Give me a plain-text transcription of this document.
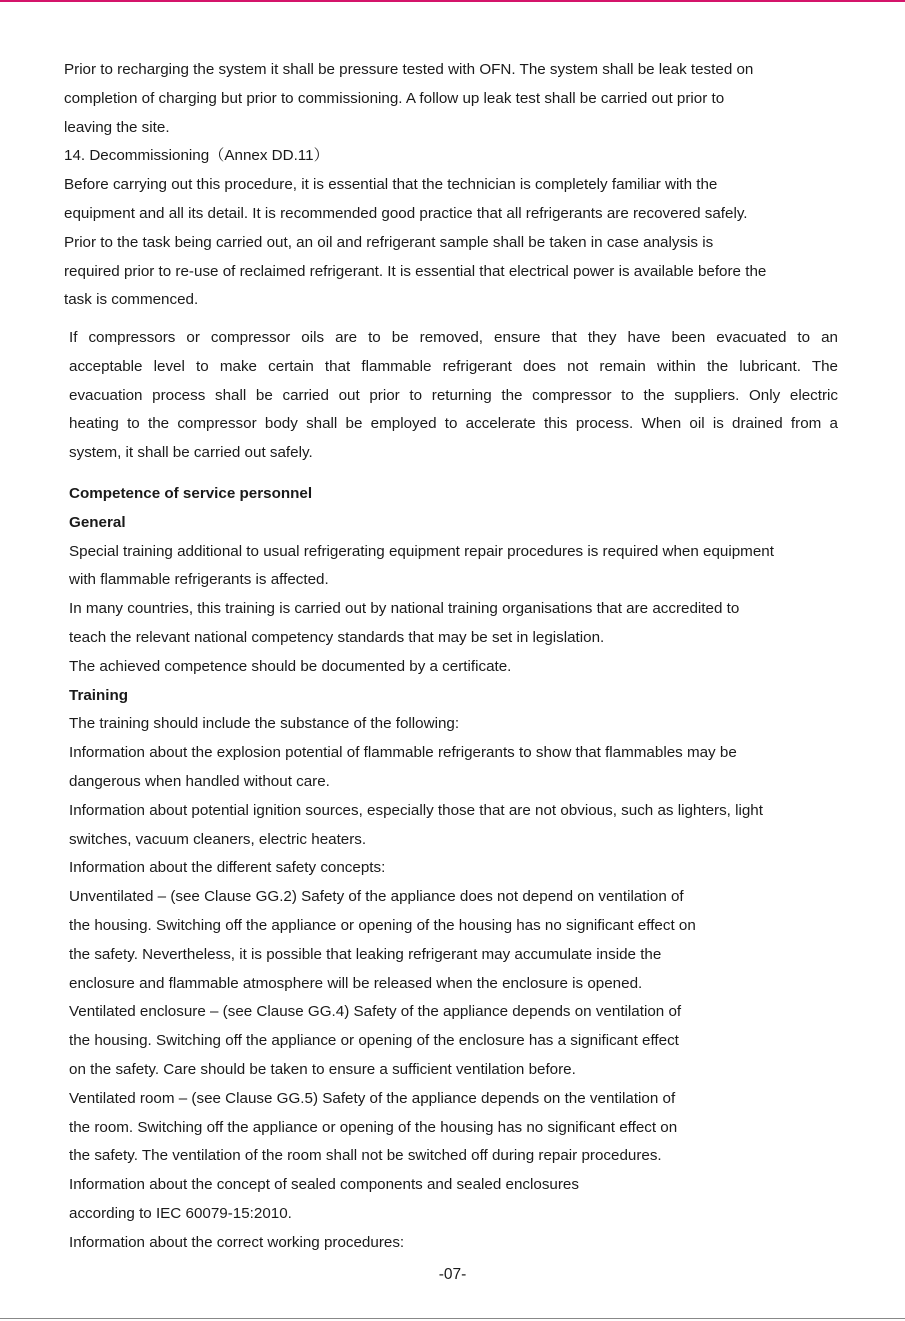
Prior to recharging the system it shall be pressure tested with OFN. The system shall be leak tested on
completion of charging but prior to commissioning. A follow up leak test shall be carried out prior to
leaving the site.
14. Decommissioning（Annex DD.11）
Before carrying out this procedure, it is essential that the technician is completely familiar with the
equipment and all its detail. It is recommended good practice that all refrigerants are recovered safely.
Prior to the task being carried out, an oil and refrigerant sample shall be taken in case analysis is
required prior to re-use of reclaimed refrigerant. It is essential that electrical power is available before the
task is commenced.
If compressors or compressor oils are to be removed, ensure that they have been evacuated to an
acceptable level to make certain that flammable refrigerant does not remain within the lubricant. The
evacuation process shall be carried out prior to returning the compressor to the suppliers. Only electric
heating to the compressor body shall be employed to accelerate this process. When oil is drained from a
system, it shall be carried out safely.
Competence of service personnel
General
Special training additional to usual refrigerating equipment repair procedures is required when equipment
with flammable refrigerants is affected.
In many countries, this training is carried out by national training organisations that are accredited to
teach the relevant national competency standards that may be set in legislation.
The achieved competence should be documented by a certificate.
Training
The training should include the substance of the following:
Information about the explosion potential of flammable refrigerants to show that flammables may be
dangerous when handled without care.
Information about potential ignition sources, especially those that are not obvious, such as lighters, light
switches, vacuum cleaners, electric heaters.
Information about the different safety concepts:
Unventilated – (see Clause GG.2) Safety of the appliance does not depend on ventilation of
the housing. Switching off the appliance or opening of the housing has no significant effect on
the safety. Nevertheless, it is possible that leaking refrigerant may accumulate inside the
enclosure and flammable atmosphere will be released when the enclosure is opened.
Ventilated enclosure – (see Clause GG.4) Safety of the appliance depends on ventilation of
the housing. Switching off the appliance or opening of the enclosure has a significant effect
on the safety. Care should be taken to ensure a sufficient ventilation before.
Ventilated room – (see Clause GG.5) Safety of the appliance depends on the ventilation of
the room. Switching off the appliance or opening of the housing has no significant effect on
the safety. The ventilation of the room shall not be switched off during repair procedures.
Information about the concept of sealed components and sealed enclosures
according to IEC 60079-15:2010.
Information about the correct working procedures:
-07-
